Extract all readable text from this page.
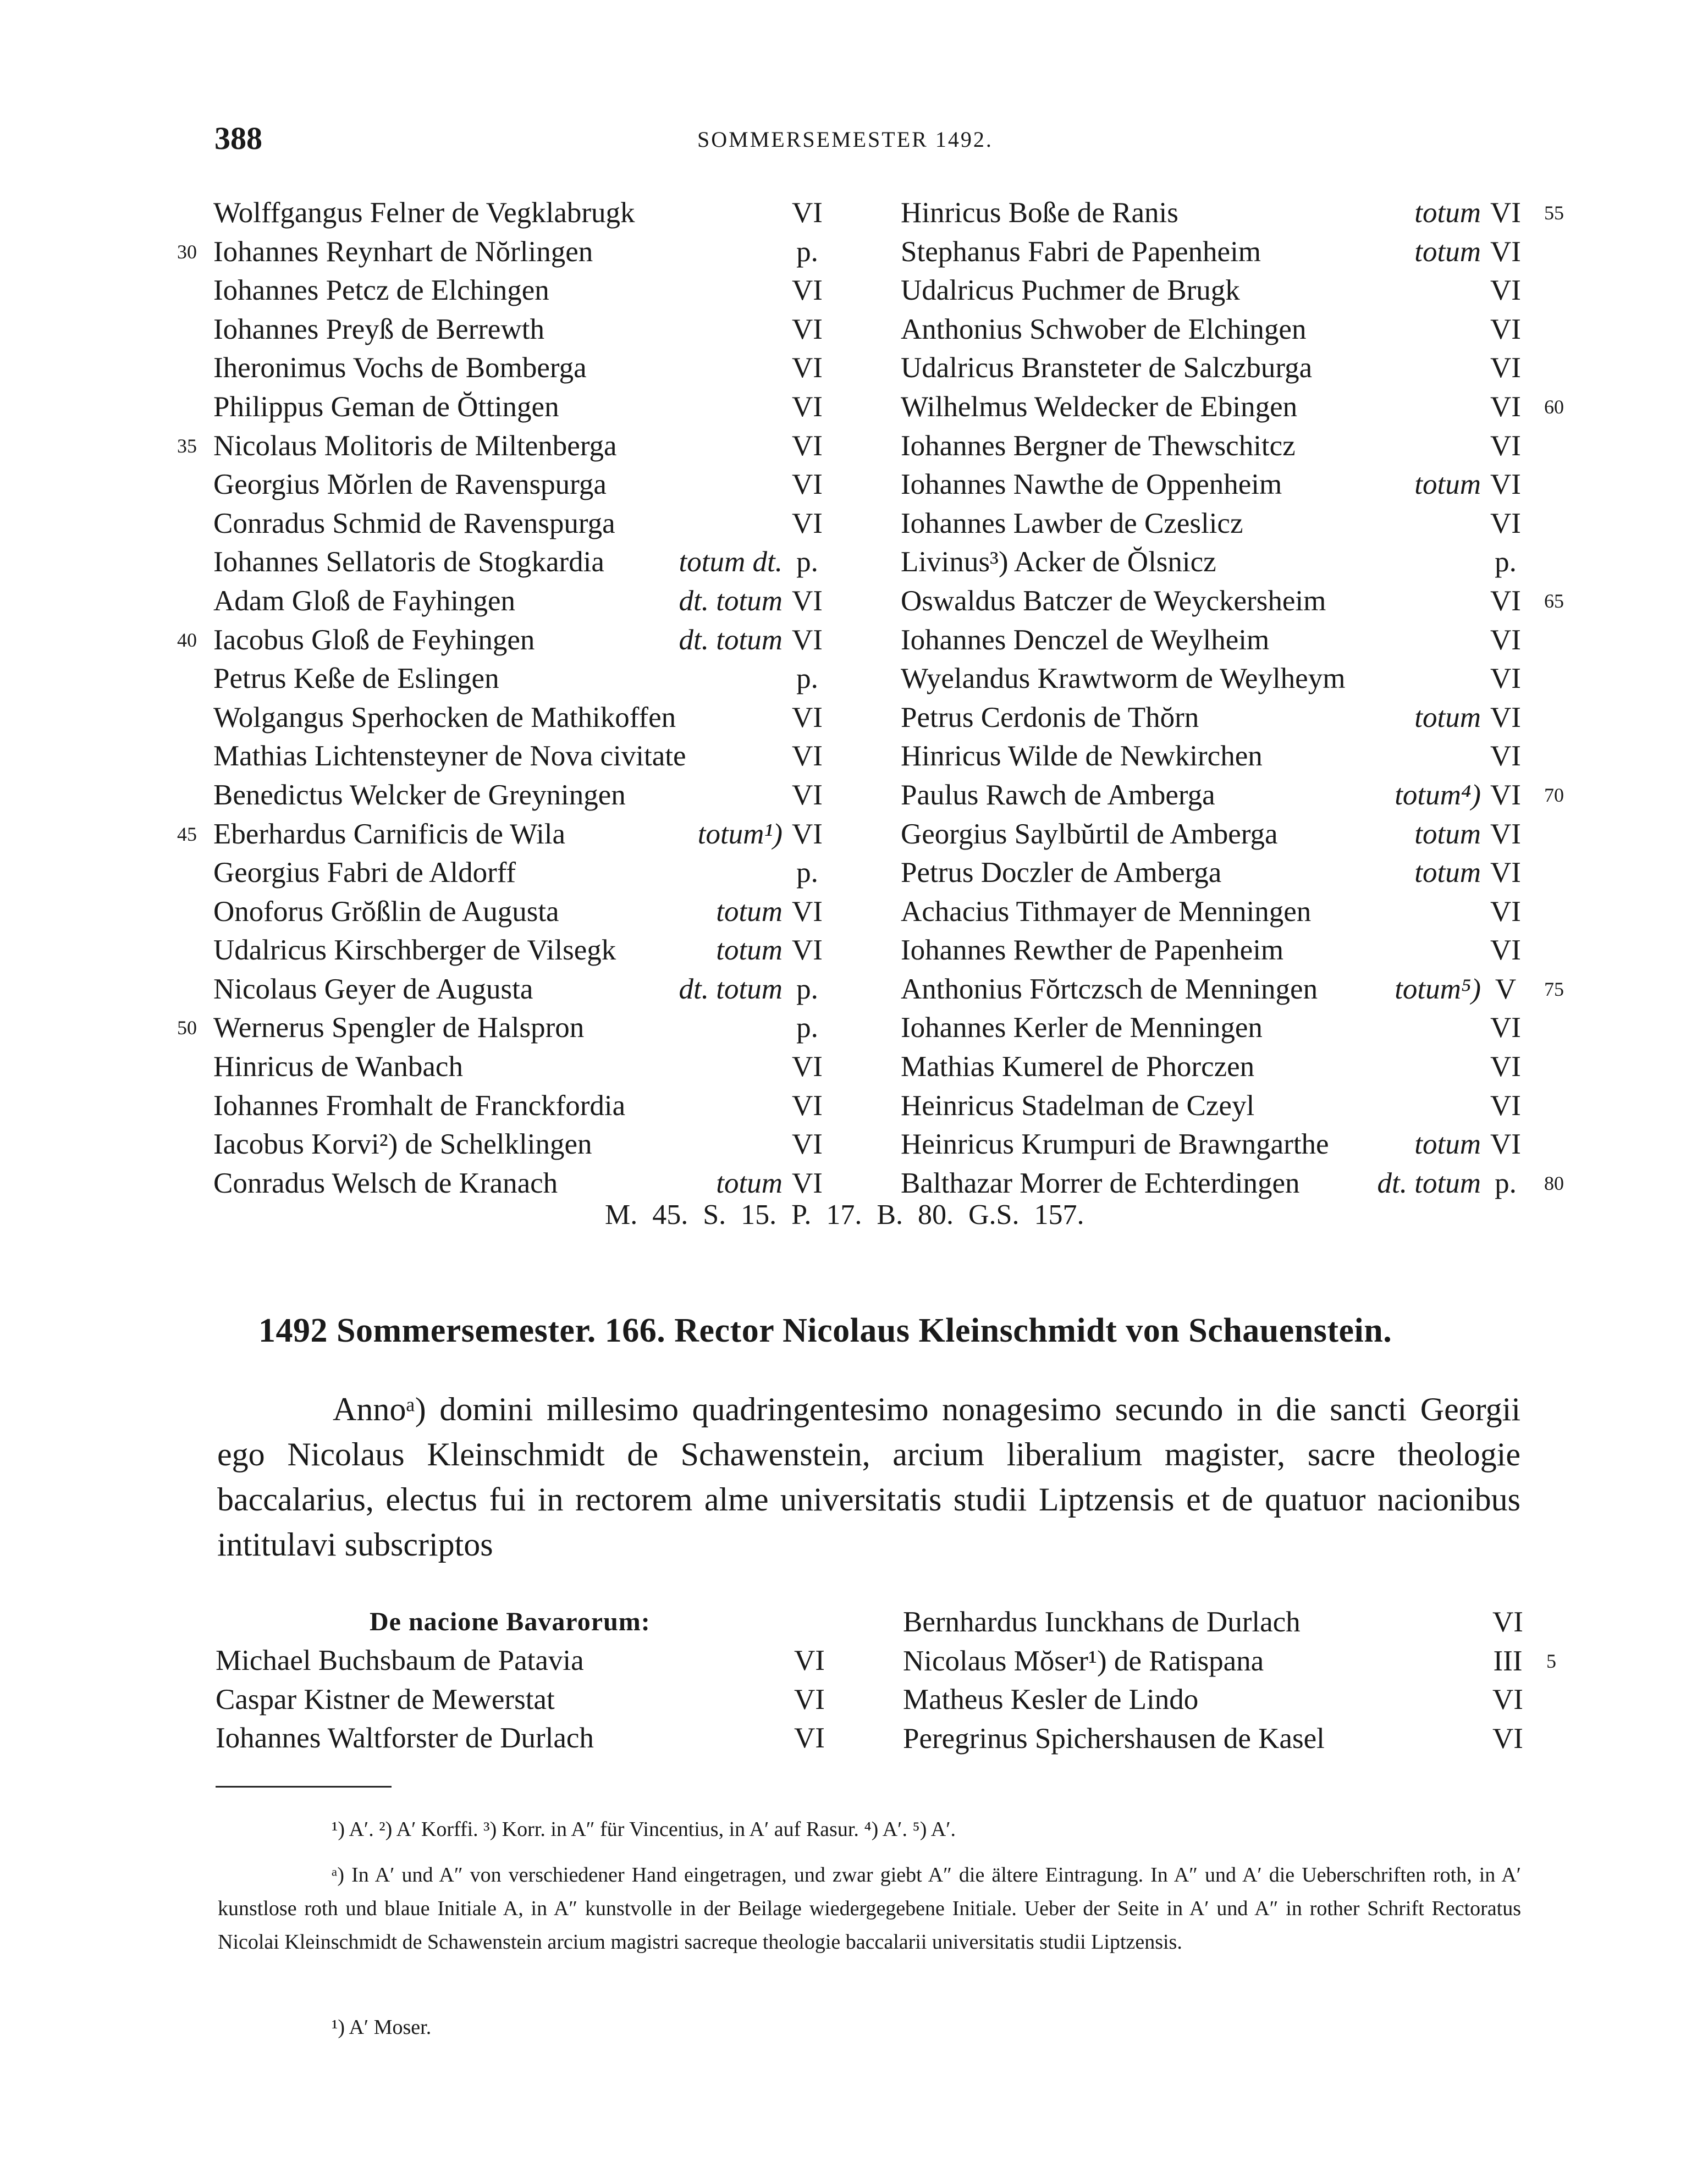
388	SOMMERSEMESTER 1492.
Wolffgangus Felner de Vegklabrugk	VI
Iohannes Reynhart de Nŏrlingen	p.
30
Iohannes Petcz de Elchingen	VI
Iohannes Preyß de Berrewth	VI
Iheronimus Vochs de Bomberga	VI
Philippus Geman de Ŏttingen	VI
Nicolaus Molitoris de Miltenberga	VI
35
Georgius Mŏrlen de Ravenspurga	VI
Conradus Schmid de Ravenspurga	VI
Iohannes Sellatoris de Stogkardia	totum dt. p.
Adam Gloß de Fayhingen	dt. totum VI
Iacobus Gloß de Feyhingen	dt. totum VI
40
Petrus Keße de Eslingen	p.
Wolgangus Sperhocken de Mathikoffen	VI
Mathias Lichtensteyner de Nova civitate	VI
Benedictus Welcker de Greyningen	VI
Eberhardus Carnificis de Wila	totum¹) VI
45
Georgius Fabri de Aldorff	p.
Onoforus Grŏßlin de Augusta	totum VI
Udalricus Kirschberger de Vilsegk	totum VI
Nicolaus Geyer de Augusta	dt. totum p.
Wernerus Spengler de Halspron	p.
50
Hinricus de Wanbach	VI
Iohannes Fromhalt de Franckfordia	VI
Iacobus Korvi²) de Schelklingen	VI
Conradus Welsch de Kranach	totum VI
Hinricus Boße de Ranis	totum VI	55
Stephanus Fabri de Papenheim	totum VI
Udalricus Puchmer de Brugk	VI
Anthonius Schwober de Elchingen	VI
Udalricus Bransteter de Salczburga	VI
Wilhelmus Weldecker de Ebingen	VI	60
Iohannes Bergner de Thewschitcz	VI
Iohannes Nawthe de Oppenheim	totum VI
Iohannes Lawber de Czeslicz	VI
Livinus³) Acker de Ŏlsnicz	p.
Oswaldus Batczer de Weyckersheim	VI	65
Iohannes Denczel de Weylheim	VI
Wyelandus Krawtworm de Weylheym	VI
Petrus Cerdonis de Thŏrn	totum VI
Hinricus Wilde de Newkirchen	VI
Paulus Rawch de Amberga	totum⁴) VI	70
Georgius Saylbŭrtil de Amberga	totum VI
Petrus Doczler de Amberga	totum VI
Achacius Tithmayer de Menningen	VI
Iohannes Rewther de Papenheim	VI
Anthonius Fŏrtczsch de Menningen	totum⁵) V	75
Iohannes Kerler de Menningen	VI
Mathias Kumerel de Phorczen	VI
Heinricus Stadelman de Czeyl	VI
Heinricus Krumpuri de Brawngarthe	totum VI
Balthazar Morrer de Echterdingen	dt. totum p.	80
M. 45. S. 15. P. 17. B. 80. G.S. 157.
1492 Sommersemester. 166. Rector Nicolaus Kleinschmidt von Schauenstein.

Annoᵃ) domini millesimo quadringentesimo nonagesimo secundo in die sancti Georgii ego Nicolaus Kleinschmidt de Schawenstein, arcium liberalium magister, sacre theologie baccalarius, electus fui in rectorem alme universitatis studii Liptzensis et de quatuor nacionibus intitulavi subscriptos

De nacione Bavarorum:
Michael Buchsbaum de Patavia	VI
Caspar Kistner de Mewerstat	VI
Iohannes Waltforster de Durlach	VI
Bernhardus Iunckhans de Durlach	VI
Nicolaus Mŏser¹) de Ratispana	III	5
Matheus Kesler de Lindo	VI
Peregrinus Spichershausen de Kasel	VI
¹) A′. ²) A′ Korffi. ³) Korr. in A″ für Vincentius, in A′ auf Rasur. ⁴) A′. ⁵) A′.

ᵃ) In A′ und A″ von verschiedener Hand eingetragen, und zwar giebt A″ die ältere Eintragung. In A″ und A′ die Ueberschriften roth, in A′ kunstlose roth und blaue Initiale A, in A″ kunstvolle in der Beilage wiedergegebene Initiale. Ueber der Seite in A′ und A″ in rother Schrift Rectoratus Nicolai Kleinschmidt de Schawenstein arcium magistri sacreque theologie baccalarii universitatis studii Liptzensis.

¹) A′ Moser.
